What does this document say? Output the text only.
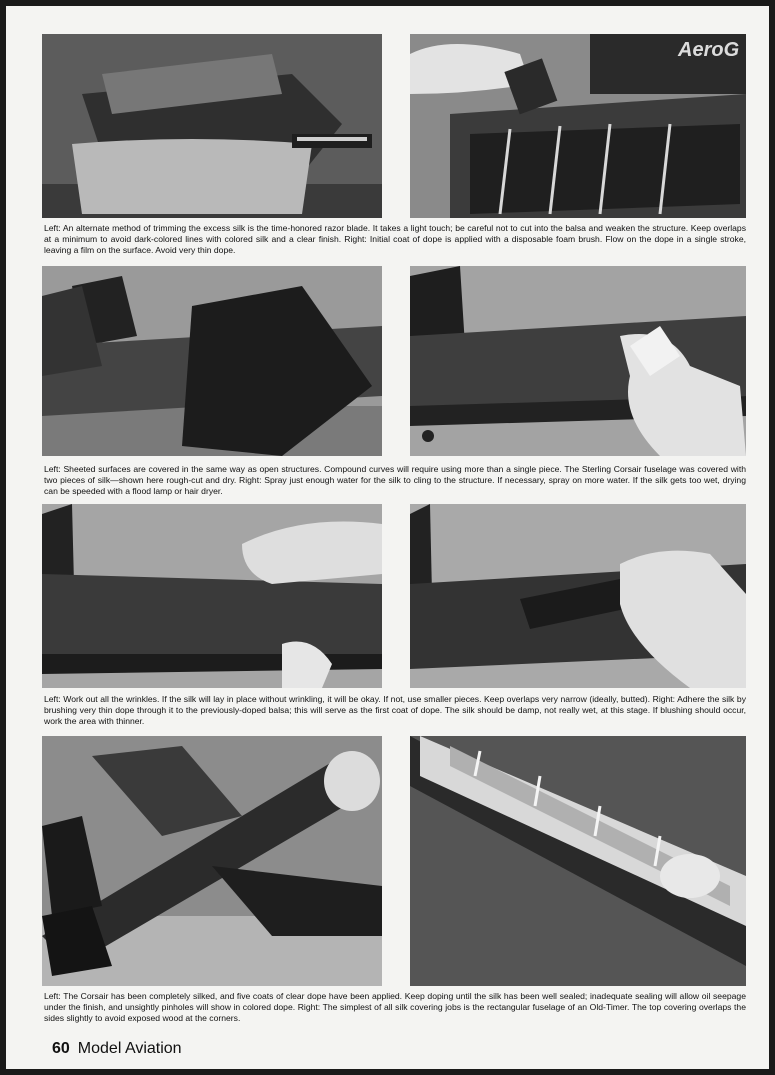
AeroG

Left: An alternate method of trimming the excess silk is the time-honored razor blade. It takes a light touch; be careful not to cut into the balsa and weaken the structure. Keep overlaps at a minimum to avoid dark-colored lines with colored silk and a clear finish. Right: Initial coat of dope is applied with a disposable foam brush. Flow on the dope in a single stroke, leaving a film on the surface. Avoid very thin dope.

Left: Sheeted surfaces are covered in the same way as open structures. Compound curves will require using more than a single piece. The Sterling Corsair fuselage was covered with two pieces of silk—shown here rough-cut and dry. Right: Spray just enough water for the silk to cling to the structure. If necessary, spray on more water. If the silk gets too wet, drying can be speeded with a flood lamp or hair dryer.

Left: Work out all the wrinkles. If the silk will lay in place without wrinkling, it will be okay. If not, use smaller pieces. Keep overlaps very narrow (ideally, butted). Right: Adhere the silk by brushing very thin dope through it to the previously-doped balsa; this will serve as the first coat of dope. The silk should be damp, not really wet, at this stage. If blushing should occur, work the area with thinner.

Left: The Corsair has been completely silked, and five coats of clear dope have been applied. Keep doping until the silk has been well sealed; inadequate sealing will allow oil seepage under the finish, and unsightly pinholes will show in colored dope. Right: The simplest of all silk covering jobs is the rectangular fuselage of an Old-Timer. The top covering overlaps the sides slightly to avoid exposed wood at the corners.

60 Model Aviation
